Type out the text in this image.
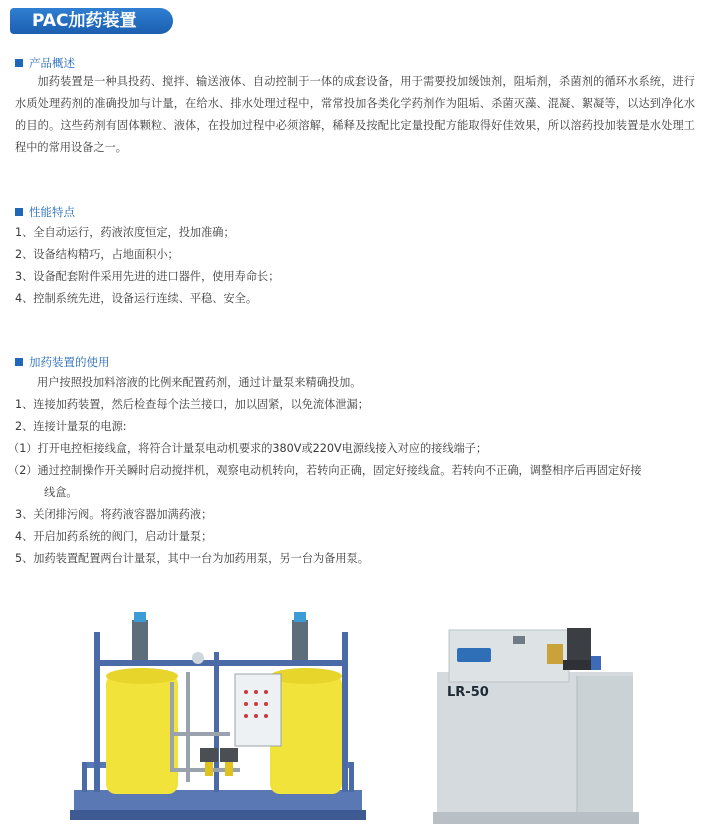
PAC加药装置
产品概述
加药装置是一种具投药、搅拌、输送液体、自动控制于一体的成套设备，用于需要投加缓蚀剂，阻垢剂，杀菌剂的循环水系统，进行水质处理药剂的准确投加与计量，在给水、排水处理过程中，常常投加各类化学药剂作为阻垢、杀菌灭藻、混凝、絮凝等，以达到净化水的目的。这些药剂有固体颗粒、液体，在投加过程中必须溶解，稀释及按配比定量投配方能取得好佳效果，所以溶药投加装置是水处理工程中的常用设备之一。
性能特点
1、全自动运行，药液浓度恒定，投加准确；
2、设备结构精巧，占地面积小；
3、设备配套附件采用先进的进口器件，使用寿命长；
4、控制系统先进，设备运行连续、平稳、安全。
加药装置的使用
用户按照投加料溶液的比例来配置药剂，通过计量泵来精确投加。
1、连接加药装置，然后检查每个法兰接口，加以固紧，以免流体泄漏；
2、连接计量泵的电源:
（1）打开电控柜接线盒，将符合计量泵电动机要求的380V或220V电源线接入对应的接线端子；
（2）通过控制操作开关瞬时启动搅拌机，观察电动机转向，若转向正确，固定好接线盒。若转向不正确，调整相序后再固定好接
线盒。
3、关闭排污阀。将药液容器加满药液；
4、开启加药系统的阀门，启动计量泵；
5、加药装置配置两台计量泵，其中一台为加药用泵，另一台为备用泵。
LR-50
